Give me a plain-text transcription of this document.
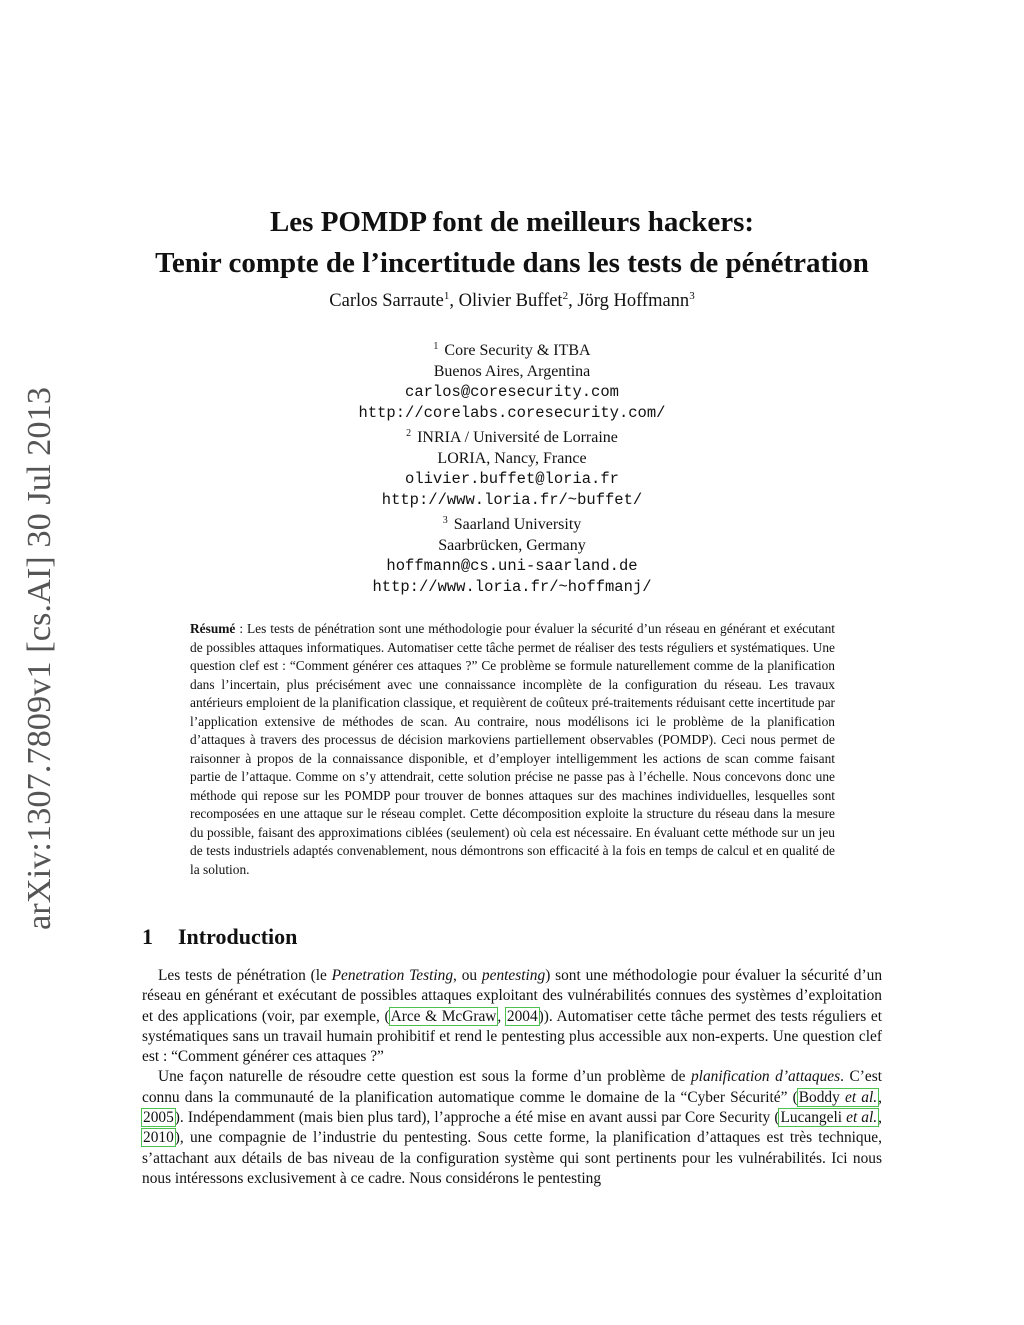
arXiv:1307.7809v1 [cs.AI] 30 Jul 2013
Les POMDP font de meilleurs hackers:
Tenir compte de l’incertitude dans les tests de pénétration
Carlos Sarraute$^1$, Olivier Buffet$^2$, Jörg Hoffmann$^3$
$^1$ Core Security & ITBA
Buenos Aires, Argentina
carlos@coresecurity.com
http://corelabs.coresecurity.com/
$^2$ INRIA / Université de Lorraine
LORIA, Nancy, France
olivier.buffet@loria.fr
http://www.loria.fr/~buffet/
$^3$ Saarland University
Saarbrücken, Germany
hoffmann@cs.uni-saarland.de
http://www.loria.fr/~hoffmanj/
Résumé : Les tests de pénétration sont une méthodologie pour évaluer la sécurité d’un réseau en générant et exécutant de possibles attaques informatiques. Automatiser cette tâche permet de réaliser des tests réguliers et systématiques. Une question clef est : “Comment générer ces attaques ?” Ce problème se formule naturellement comme de la planification dans l’incertain, plus précisément avec une connaissance incomplète de la configuration du réseau. Les travaux antérieurs emploient de la planification classique, et requièrent de coûteux pré-traitements réduisant cette incertitude par l’application extensive de méthodes de scan. Au contraire, nous modélisons ici le problème de la planification d’attaques à travers des processus de décision markoviens partiellement observables (POMDP). Ceci nous permet de raisonner à propos de la connaissance disponible, et d’employer intelligemment les actions de scan comme faisant partie de l’attaque. Comme on s’y attendrait, cette solution précise ne passe pas à l’échelle. Nous concevons donc une méthode qui repose sur les POMDP pour trouver de bonnes attaques sur des machines individuelles, lesquelles sont recomposées en une attaque sur le réseau complet. Cette décomposition exploite la structure du réseau dans la mesure du possible, faisant des approximations ciblées (seulement) où cela est nécessaire. En évaluant cette méthode sur un jeu de tests industriels adaptés convenablement, nous démontrons son efficacité à la fois en temps de calcul et en qualité de la solution.
1 Introduction

Les tests de pénétration (le Penetration Testing, ou pentesting) sont une méthodologie pour évaluer la sécurité d’un réseau en générant et exécutant de possibles attaques exploitant des vulnérabilités connues des systèmes d’exploitation et des applications (voir, par exemple, (Arce & McGraw, 2004)). Automatiser cette tâche permet des tests réguliers et systématiques sans un travail humain prohibitif et rend le pentesting plus accessible aux non-experts. Une question clef est : “Comment générer ces attaques ?”

Une façon naturelle de résoudre cette question est sous la forme d’un problème de planification d’attaques. C’est connu dans la communauté de la planification automatique comme le domaine de la “Cyber Sécurité” (Boddy et al., 2005). Indépendamment (mais bien plus tard), l’approche a été mise en avant aussi par Core Security (Lucangeli et al., 2010), une compagnie de l’industrie du pentesting. Sous cette forme, la planification d’attaques est très technique, s’attachant aux détails de bas niveau de la configuration système qui sont pertinents pour les vulnérabilités. Ici nous nous intéressons exclusivement à ce cadre. Nous considérons le pentesting
